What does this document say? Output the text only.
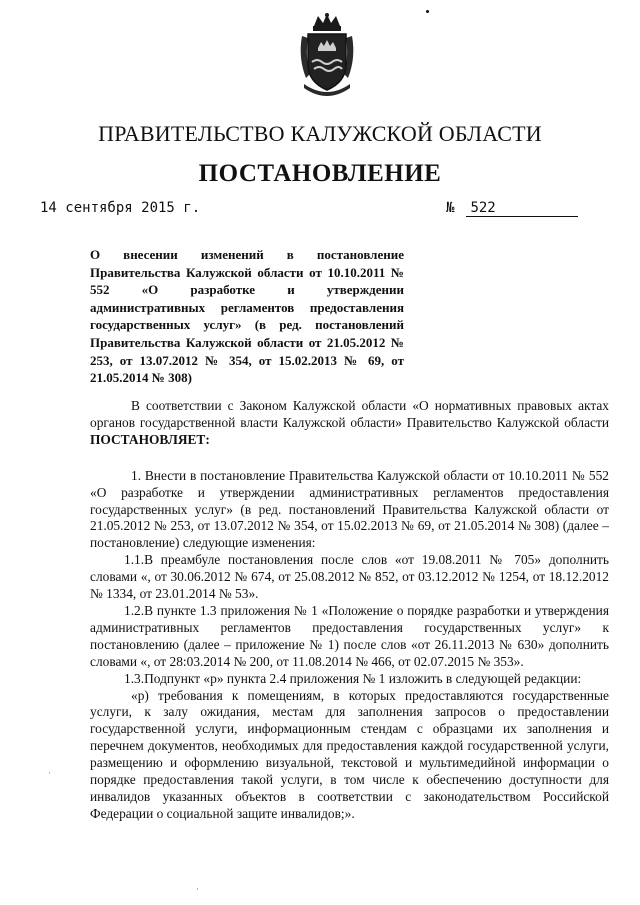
ПРАВИТЕЛЬСТВО КАЛУЖСКОЙ ОБЛАСТИ
ПОСТАНОВЛЕНИЕ
14 сентября 2015 г.	№ 522
О внесении изменений в постановление Правительства Калужской области от 10.10.2011 № 552 «О разработке и утверждении административных регламентов предоставления государственных услуг» (в ред. постановлений Правительства Калужской области от 21.05.2012 № 253, от 13.07.2012 № 354, от 15.02.2013 № 69, от 21.05.2014 № 308)

В соответствии с Законом Калужской области «О нормативных правовых актах органов государственной власти Калужской области» Правительство Калужской области ПОСТАНОВЛЯЕТ:

1. Внести в постановление Правительства Калужской области от 10.10.2011 № 552 «О разработке и утверждении административных регламентов предоставления государственных услуг» (в ред. постановлений Правительства Калужской области от 21.05.2012 № 253, от 13.07.2012 № 354, от 15.02.2013 № 69, от 21.05.2014 № 308) (далее – постановление) следующие изменения:

1.1.В преамбуле постановления после слов «от 19.08.2011 № 705» дополнить словами «, от 30.06.2012 № 674, от 25.08.2012 № 852, от 03.12.2012 № 1254, от 18.12.2012 № 1334, от 23.01.2014 № 53».

1.2.В пункте 1.3 приложения № 1 «Положение о порядке разработки и утверждения административных регламентов предоставления государственных услуг» к постановлению (далее – приложение № 1) после слов «от 26.11.2013 № 630» дополнить словами «, от 28:03.2014 № 200, от 11.08.2014 № 466, от 02.07.2015 № 353».

1.3.Подпункт «р» пункта 2.4 приложения № 1 изложить в следующей редакции:

«р) требования к помещениям, в которых предоставляются государственные услуги, к залу ожидания, местам для заполнения запросов о предоставлении государственной услуги, информационным стендам с образцами их заполнения и перечнем документов, необходимых для предоставления каждой государственной услуги, размещению и оформлению визуальной, текстовой и мультимедийной информации о порядке предоставления такой услуги, в том числе к обеспечению доступности для инвалидов указанных объектов в соответствии с законодательством Российской Федерации о социальной защите инвалидов;».

·
·
